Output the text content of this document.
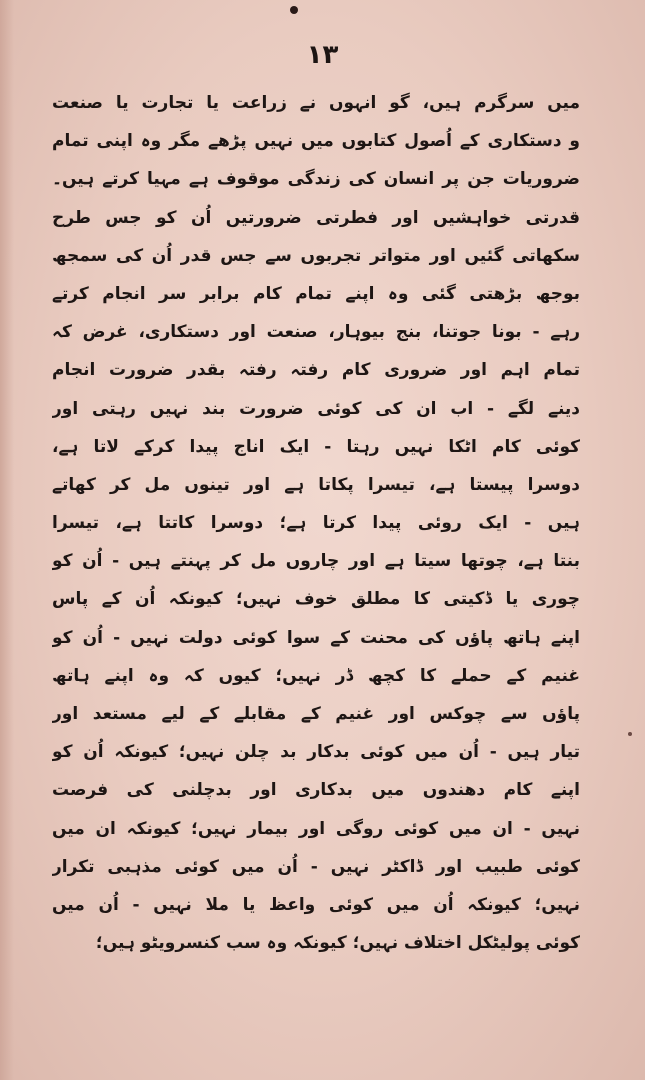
۱۳
میں سرگرم ہیں، گو انہوں نے زراعت یا تجارت یا صنعت
و دستکاری کے اُصول کتابوں میں نہیں پڑھے مگر وہ اپنی تمام
ضروریات جن پر انسان کی زندگی موقوف ہے مہیا کرتے ہیں۔
قدرتی خواہشیں اور فطرتی ضرورتیں اُن کو جس طرح
سکھاتی گئیں اور متواتر تجربوں سے جس قدر اُن کی سمجھ
بوجھ بڑھتی گئی وہ اپنے تمام کام برابر سر انجام کرتے
رہے - بونا جوتنا، بنج بیوہار، صنعت اور دستکاری، غرض کہ
تمام اہم اور ضروری کام رفتہ رفتہ بقدر ضرورت انجام
دینے لگے - اب ان کی کوئی ضرورت بند نہیں رہتی اور
کوئی کام اٹکا نہیں رہتا - ایک اناج پیدا کرکے لاتا ہے،
دوسرا پیستا ہے، تیسرا پکاتا ہے اور تینوں مل کر کھاتے
ہیں - ایک روئی پیدا کرتا ہے؛ دوسرا کاتتا ہے، تیسرا
بنتا ہے، چوتھا سیتا ہے اور چاروں مل کر پہنتے ہیں - اُن کو
چوری یا ڈکیتی کا مطلق خوف نہیں؛ کیونکہ اُن کے پاس
اپنے ہاتھ پاؤں کی محنت کے سوا کوئی دولت نہیں - اُن کو
غنیم کے حملے کا کچھ ڈر نہیں؛ کیوں کہ وہ اپنے ہاتھ
پاؤں سے چوکس اور غنیم کے مقابلے کے لیے مستعد اور
تیار ہیں - اُن میں کوئی بدکار بد چلن نہیں؛ کیونکہ اُن کو
اپنے کام دھندوں میں بدکاری اور بدچلنی کی فرصت
نہیں - ان میں کوئی روگی اور بیمار نہیں؛ کیونکہ ان میں
کوئی طبیب اور ڈاکٹر نہیں - اُن میں کوئی مذہبی تکرار
نہیں؛ کیونکہ اُن میں کوئی واعظ یا ملا نہیں - اُن میں
کوئی پولیٹکل اختلاف نہیں؛ کیونکہ وہ سب کنسرویٹو ہیں؛
